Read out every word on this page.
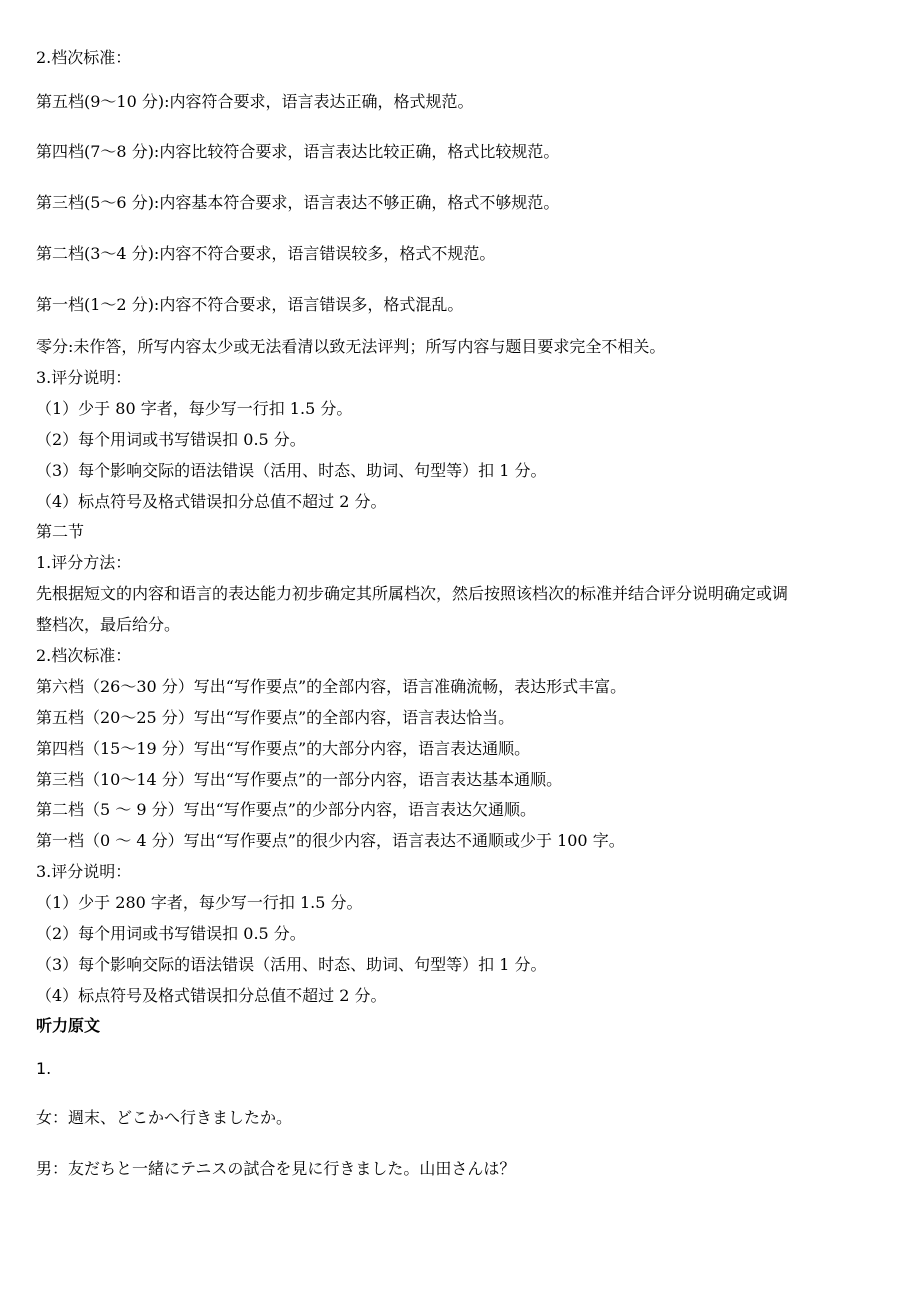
2.档次标准：
第五档(9～10 分):内容符合要求，语言表达正确，格式规范。
第四档(7～8 分):内容比较符合要求，语言表达比较正确，格式比较规范。
第三档(5～6 分):内容基本符合要求，语言表达不够正确，格式不够规范。
第二档(3～4 分):内容不符合要求，语言错误较多，格式不规范。
第一档(1～2 分):内容不符合要求，语言错误多，格式混乱。
零分:未作答，所写内容太少或无法看清以致无法评判；所写内容与题目要求完全不相关。
3.评分说明：
（1）少于 80 字者，每少写一行扣 1.5 分。
（2）每个用词或书写错误扣 0.5 分。
（3）每个影响交际的语法错误（活用、时态、助词、句型等）扣 1 分。
（4）标点符号及格式错误扣分总值不超过 2 分。
第二节
1.评分方法：
先根据短文的内容和语言的表达能力初步确定其所属档次，然后按照该档次的标准并结合评分说明确定或调
整档次，最后给分。
2.档次标准：
第六档（26～30 分）写出“写作要点”的全部内容，语言准确流畅，表达形式丰富。
第五档（20～25 分）写出“写作要点”的全部内容，语言表达恰当。
第四档（15～19 分）写出“写作要点”的大部分内容，语言表达通顺。
第三档（10～14 分）写出“写作要点”的一部分内容，语言表达基本通顺。
第二档（5 ～ 9 分）写出“写作要点”的少部分内容，语言表达欠通顺。
第一档（0 ～ 4 分）写出“写作要点”的很少内容，语言表达不通顺或少于 100 字。
3.评分说明：
（1）少于 280 字者，每少写一行扣 1.5 分。
（2）每个用词或书写错误扣 0.5 分。
（3）每个影响交际的语法错误（活用、时态、助词、句型等）扣 1 分。
（4）标点符号及格式错误扣分总值不超过 2 分。
听力原文
1.
女：週末、どこかへ行きましたか。
男：友だちと一緒にテニスの試合を見に行きました。山田さんは？
